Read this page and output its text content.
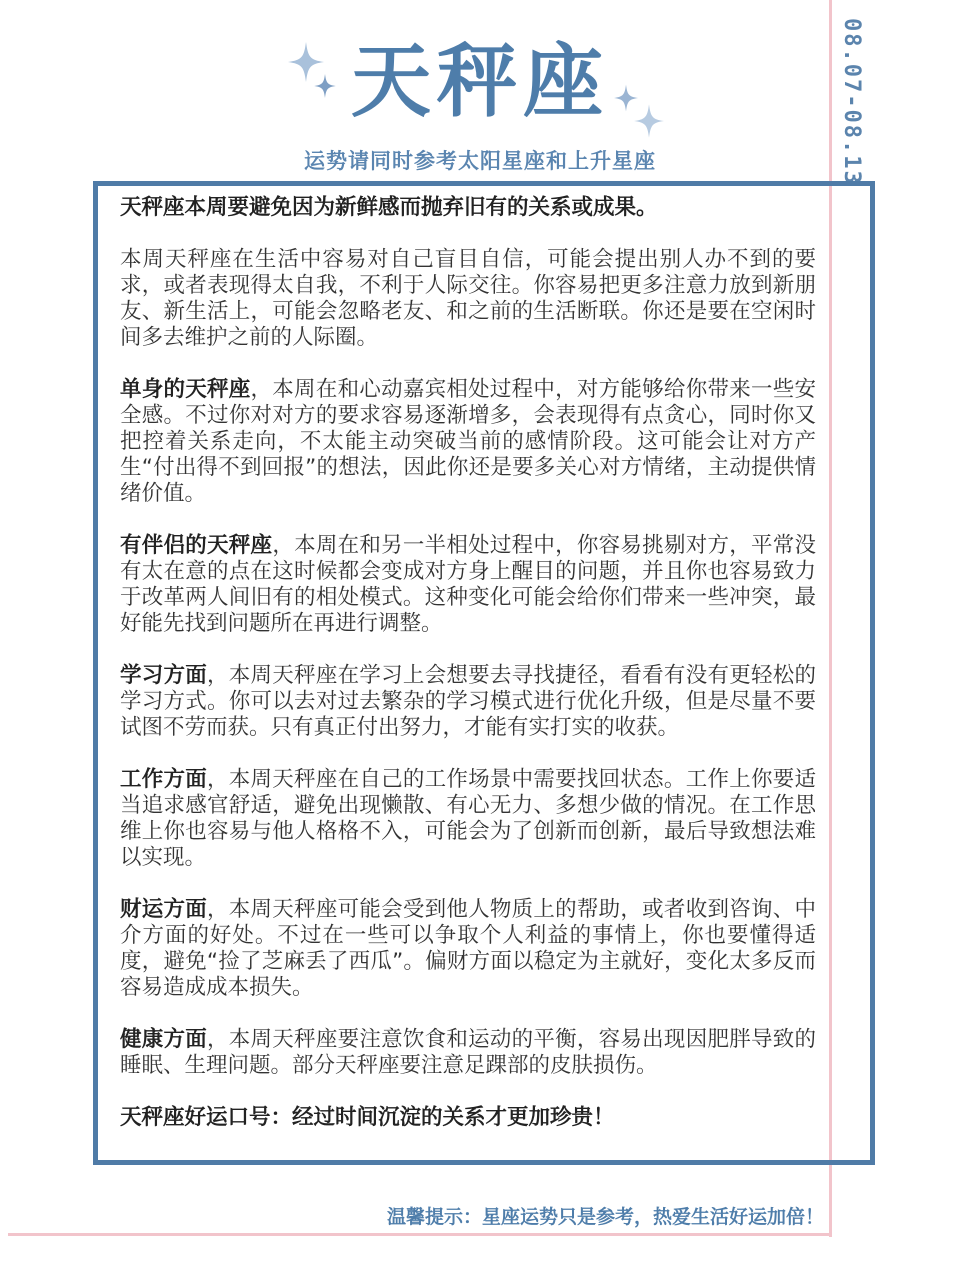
08.07-08.13
天秤座
运势请同时参考太阳星座和上升星座

天秤座本周要避免因为新鲜感而抛弃旧有的关系或成果。

本周天秤座在生活中容易对自己盲目自信，可能会提出别人办不到的要求，或者表现得太自我，不利于人际交往。你容易把更多注意力放到新朋友、新生活上，可能会忽略老友、和之前的生活断联。你还是要在空闲时间多去维护之前的人际圈。

单身的天秤座，本周在和心动嘉宾相处过程中，对方能够给你带来一些安全感。不过你对对方的要求容易逐渐增多，会表现得有点贪心，同时你又把控着关系走向，不太能主动突破当前的感情阶段。这可能会让对方产生“付出得不到回报”的想法，因此你还是要多关心对方情绪，主动提供情绪价值。

有伴侣的天秤座，本周在和另一半相处过程中，你容易挑剔对方，平常没有太在意的点在这时候都会变成对方身上醒目的问题，并且你也容易致力于改革两人间旧有的相处模式。这种变化可能会给你们带来一些冲突，最好能先找到问题所在再进行调整。

学习方面，本周天秤座在学习上会想要去寻找捷径，看看有没有更轻松的学习方式。你可以去对过去繁杂的学习模式进行优化升级，但是尽量不要试图不劳而获。只有真正付出努力，才能有实打实的收获。

工作方面，本周天秤座在自己的工作场景中需要找回状态。工作上你要适当追求感官舒适，避免出现懒散、有心无力、多想少做的情况。在工作思维上你也容易与他人格格不入，可能会为了创新而创新，最后导致想法难以实现。

财运方面，本周天秤座可能会受到他人物质上的帮助，或者收到咨询、中介方面的好处。不过在一些可以争取个人利益的事情上，你也要懂得适度，避免“捡了芝麻丢了西瓜”。偏财方面以稳定为主就好，变化太多反而容易造成成本损失。

健康方面，本周天秤座要注意饮食和运动的平衡，容易出现因肥胖导致的睡眠、生理问题。部分天秤座要注意足踝部的皮肤损伤。

天秤座好运口号：经过时间沉淀的关系才更加珍贵！

温馨提示：星座运势只是参考，热爱生活好运加倍！
